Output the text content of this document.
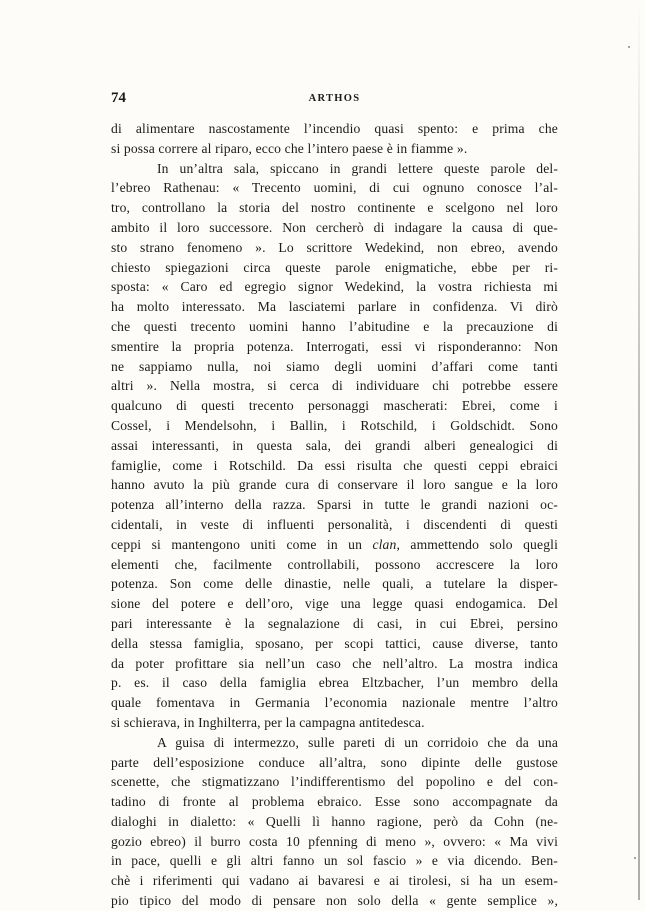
74	ARTHOS
di alimentare nascostamente l’incendio quasi spento: e prima che
si possa correre al riparo, ecco che l’intero paese è in fiamme ».
In un’altra sala, spiccano in grandi lettere queste parole del-
l’ebreo Rathenau: « Trecento uomini, di cui ognuno conosce l’al-
tro, controllano la storia del nostro continente e scelgono nel loro
ambito il loro successore. Non cercherò di indagare la causa di que-
sto strano fenomeno ». Lo scrittore Wedekind, non ebreo, avendo
chiesto spiegazioni circa queste parole enigmatiche, ebbe per ri-
sposta: « Caro ed egregio signor Wedekind, la vostra richiesta mi
ha molto interessato. Ma lasciatemi parlare in confidenza. Vi dirò
che questi trecento uomini hanno l’abitudine e la precauzione di
smentire la propria potenza. Interrogati, essi vi risponderanno: Non
ne sappiamo nulla, noi siamo degli uomini d’affari come tanti
altri ». Nella mostra, si cerca di individuare chi potrebbe essere
qualcuno di questi trecento personaggi mascherati: Ebrei, come i
Cossel, i Mendelsohn, i Ballin, i Rotschild, i Goldschidt. Sono
assai interessanti, in questa sala, dei grandi alberi genealogici di
famiglie, come i Rotschild. Da essi risulta che questi ceppi ebraici
hanno avuto la più grande cura di conservare il loro sangue e la loro
potenza all’interno della razza. Sparsi in tutte le grandi nazioni oc-
cidentali, in veste di influenti personalità, i discendenti di questi
ceppi si mantengono uniti come in un clan, ammettendo solo quegli
elementi che, facilmente controllabili, possono accrescere la loro
potenza. Son come delle dinastie, nelle quali, a tutelare la disper-
sione del potere e dell’oro, vige una legge quasi endogamica. Del
pari interessante è la segnalazione di casi, in cui Ebrei, persino
della stessa famiglia, sposano, per scopi tattici, cause diverse, tanto
da poter profittare sia nell’un caso che nell’altro. La mostra indica
p. es. il caso della famiglia ebrea Eltzbacher, l’un membro della
quale fomentava in Germania l’economia nazionale mentre l’altro
si schierava, in Inghilterra, per la campagna antitedesca.
A guisa di intermezzo, sulle pareti di un corridoio che da una
parte dell’esposizione conduce all’altra, sono dipinte delle gustose
scenette, che stigmatizzano l’indifferentismo del popolino e del con-
tadino di fronte al problema ebraico. Esse sono accompagnate da
dialoghi in dialetto: « Quelli lì hanno ragione, però da Cohn (ne-
gozio ebreo) il burro costa 10 pfenning di meno », ovvero: « Ma vivi
in pace, quelli e gli altri fanno un sol fascio » e via dicendo. Ben-
chè i riferimenti qui vadano ai bavaresi e ai tirolesi, si ha un esem-
pio tipico del modo di pensare non solo della « gente semplice »,
